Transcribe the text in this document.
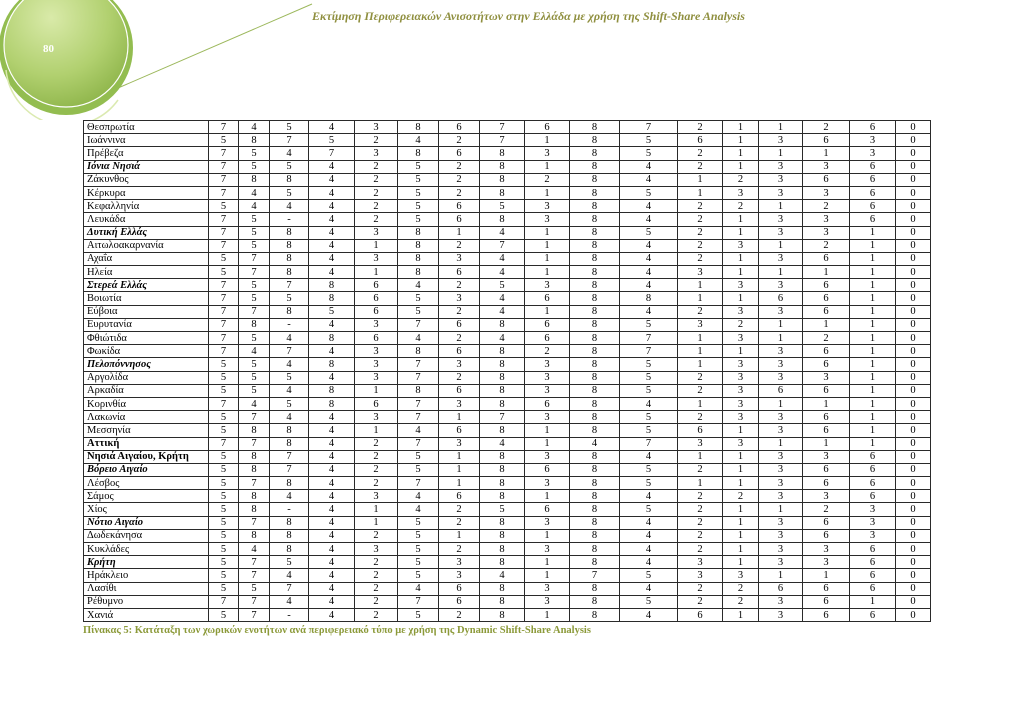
80
Εκτίμηση Περιφερειακών Ανισοτήτων στην Ελλάδα με χρήση της Shift-Share Analysis
Θεσπρωτία	7	4	5	4	3	8	6	7	6	8	7	2	1	1	2	6	0
Ιωάννινα	5	8	7	5	2	4	2	7	1	8	5	6	1	3	6	3	0
Πρέβεζα	7	5	4	7	3	8	6	8	3	8	5	2	1	1	1	3	0
Ιόνια Νησιά	7	5	5	4	2	5	2	8	1	8	4	2	1	3	3	6	0
Ζάκυνθος	7	8	8	4	2	5	2	8	2	8	4	1	2	3	6	6	0
Κέρκυρα	7	4	5	4	2	5	2	8	1	8	5	1	3	3	3	6	0
Κεφαλληνία	5	4	4	4	2	5	6	5	3	8	4	2	2	1	2	6	0
Λευκάδα	7	5	-	4	2	5	6	8	3	8	4	2	1	3	3	6	0
Δυτική Ελλάς	7	5	8	4	3	8	1	4	1	8	5	2	1	3	3	1	0
Αιτωλοακαρνανία	7	5	8	4	1	8	2	7	1	8	4	2	3	1	2	1	0
Αχαΐα	5	7	8	4	3	8	3	4	1	8	4	2	1	3	6	1	0
Ηλεία	5	7	8	4	1	8	6	4	1	8	4	3	1	1	1	1	0
Στερεά Ελλάς	7	5	7	8	6	4	2	5	3	8	4	1	3	3	6	1	0
Βοιωτία	7	5	5	8	6	5	3	4	6	8	8	1	1	6	6	1	0
Εύβοια	7	7	8	5	6	5	2	4	1	8	4	2	3	3	6	1	0
Ευρυτανία	7	8	-	4	3	7	6	8	6	8	5	3	2	1	1	1	0
Φθιώτιδα	7	5	4	8	6	4	2	4	6	8	7	1	3	1	2	1	0
Φωκίδα	7	4	7	4	3	8	6	8	2	8	7	1	1	3	6	1	0
Πελοπόννησος	5	5	4	8	3	7	3	8	3	8	5	1	3	3	6	1	0
Αργολίδα	5	5	5	4	3	7	2	8	3	8	5	2	3	3	3	1	0
Αρκαδία	5	5	4	8	1	8	6	8	3	8	5	2	3	6	6	1	0
Κορινθία	7	4	5	8	6	7	3	8	6	8	4	1	3	1	1	1	0
Λακωνία	5	7	4	4	3	7	1	7	3	8	5	2	3	3	6	1	0
Μεσσηνία	5	8	8	4	1	4	6	8	1	8	5	6	1	3	6	1	0
Αττική	7	7	8	4	2	7	3	4	1	4	7	3	3	1	1	1	0
Νησιά Αιγαίου, Κρήτη	5	8	7	4	2	5	1	8	3	8	4	1	1	3	3	6	0
Βόρειο Αιγαίο	5	8	7	4	2	5	1	8	6	8	5	2	1	3	6	6	0
Λέσβος	5	7	8	4	2	7	1	8	3	8	5	1	1	3	6	6	0
Σάμος	5	8	4	4	3	4	6	8	1	8	4	2	2	3	3	6	0
Χίος	5	8	-	4	1	4	2	5	6	8	5	2	1	1	2	3	0
Νότιο Αιγαίο	5	7	8	4	1	5	2	8	3	8	4	2	1	3	6	3	0
Δωδεκάνησα	5	8	8	4	2	5	1	8	1	8	4	2	1	3	6	3	0
Κυκλάδες	5	4	8	4	3	5	2	8	3	8	4	2	1	3	3	6	0
Κρήτη	5	7	5	4	2	5	3	8	1	8	4	3	1	3	3	6	0
Ηράκλειο	5	7	4	4	2	5	3	4	1	7	5	3	3	1	1	6	0
Λασίθι	5	5	7	4	2	4	6	8	3	8	4	2	2	6	6	6	0
Ρέθυμνο	7	7	4	4	2	7	6	8	3	8	5	2	2	3	6	1	0
Χανιά	5	7	-	4	2	5	2	8	1	8	4	6	1	3	6	6	0
Πίνακας 5: Κατάταξη των χωρικών ενοτήτων ανά περιφερειακό τύπο με χρήση της Dynamic Shift-Share Analysis
